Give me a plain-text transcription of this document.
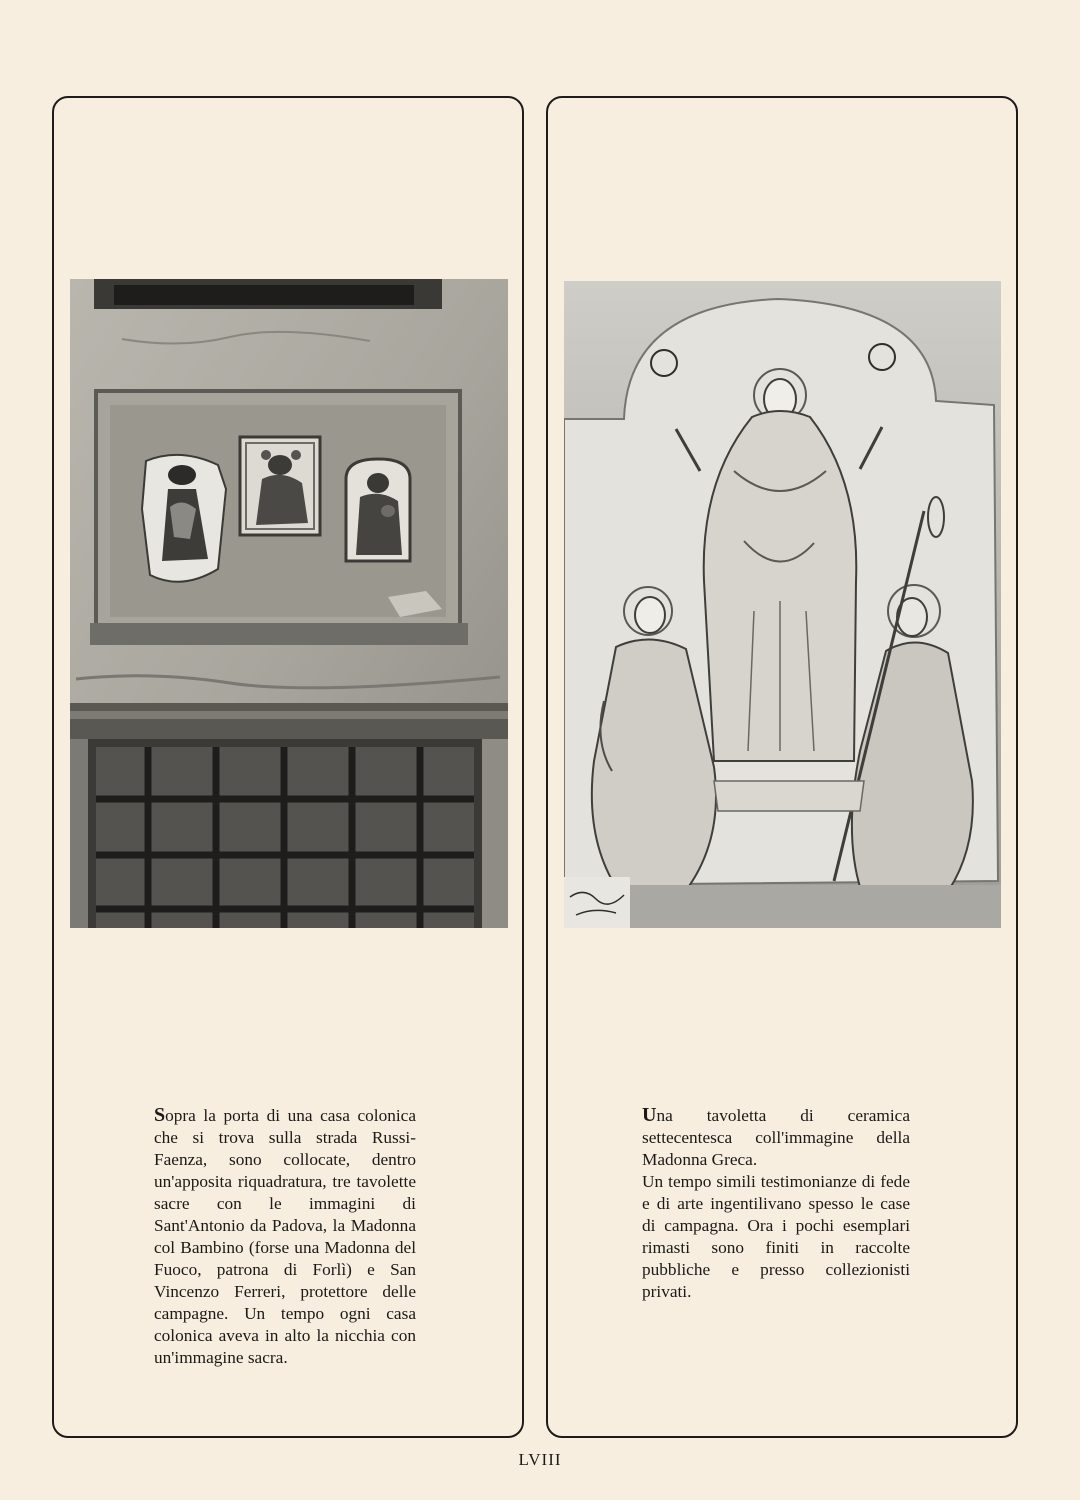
Sopra la porta di una casa colonica che si trova sulla strada Russi-Faenza, sono collocate, dentro un'apposita riquadratura, tre tavolette sacre con le immagini di Sant'Antonio da Padova, la Madonna col Bambino (forse una Madonna del Fuoco, patrona di Forlì) e San Vincenzo Ferreri, protettore delle campagne. Un tempo ogni casa colonica aveva in alto la nicchia con un'immagine sacra.

Una tavoletta di ceramica settecentesca coll'immagine della Madonna Greca.

Un tempo simili testimonianze di fede e di arte ingentilivano spesso le case di campagna. Ora i pochi esemplari rimasti sono finiti in raccolte pubbliche e presso collezionisti privati.

LVIII
